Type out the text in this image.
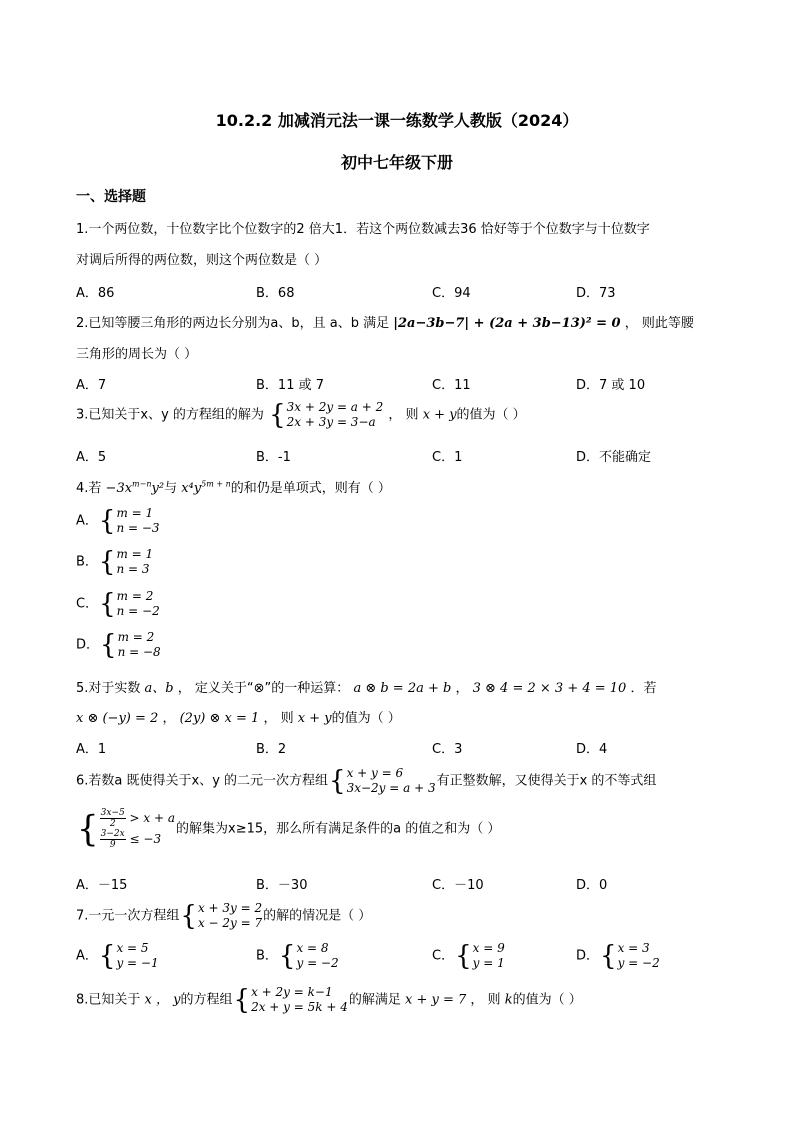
10.2.2 加减消元法一课一练数学人教版（2024）
初中七年级下册
一、选择题
1.一个两位数，十位数字比个位数字的2 倍大1．若这个两位数减去36 恰好等于个位数字与十位数字
对调后所得的两位数，则这个两位数是（ ）
A．86	B．68	C．94	D．73
2.已知等腰三角形的两边长分别为a、b，且 a、b 满足 |2a−3b−7| + (2a + 3b−13)² = 0 ， 则此等腰
三角形的周长为（ ）
A．7	B．11 或 7	C．11	D．7 或 10
3.已知关于x、y 的方程组的解为 { 3x + 2y = a + 2
2x + 3y = 3−a ， 则 x + y的值为（ ）
A．5	B．-1	C．1	D．不能确定
4.若 $-3x^{m-n}y^2$与 $x^4y^{5m + n}$的和仍是单项式，则有（ ）
A． { m = 1
n = −3
B． { m = 1
n = 3
C． { m = 2
n = −2
D． { m = 2
n = −8
5.对于实数 a、b ， 定义关于“⊗”的一种运算： a ⊗ b = 2a + b ， 3 ⊗ 4 = 2 × 3 + 4 = 10 ．若
x ⊗ (−y) = 2 ， (2y) ⊗ x = 1 ， 则 x + y的值为（ ）
A．1	B．2	C．3	D．4
6.若数a 既使得关于x、y 的二元一次方程组 { x + y = 6
3x−2y = a + 3 有正整数解，又使得关于x 的不等式组
{ $\frac{3x-5}{2} > x + a$
$\frac{3-2x}{9} \le -3$
的解集为x≥15，那么所有满足条件的a 的值之和为（ ）
A．－15	B．－30	C．－10	D．0
7.一元一次方程组 { x + 3y = 2
x − 2y = 7 的解的情况是（ ）
A． { x = 5
y = −1	B． { x = 8
y = −2	C． { x = 9
y = 1	D． { x = 3
y = −2
8.已知关于 x ， y的方程组 { x + 2y = k−1
2x + y = 5k + 4 的解满足 x + y = 7 ， 则 k的值为（ ）
